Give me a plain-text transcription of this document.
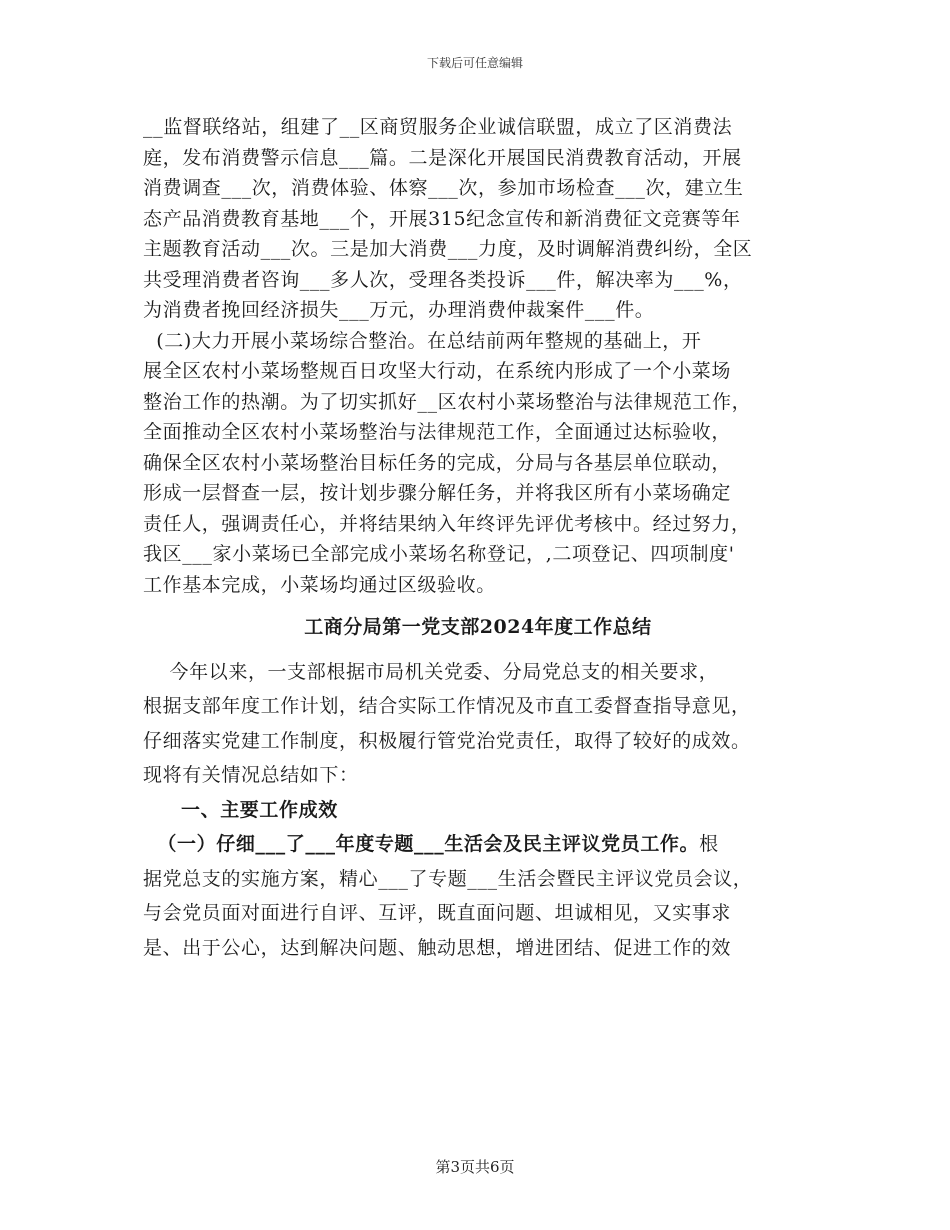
下载后可任意编辑
__监督联络站，组建了__区商贸服务企业诚信联盟，成立了区消费法
庭，发布消费警示信息___篇。二是深化开展国民消费教育活动，开展
消费调查___次，消费体验、体察___次，参加市场检查___次，建立生
态产品消费教育基地___个，开展315纪念宣传和新消费征文竞赛等年
主题教育活动___次。三是加大消费___力度，及时调解消费纠纷，全区
共受理消费者咨询___多人次，受理各类投诉___件，解决率为___%，
为消费者挽回经济损失___万元，办理消费仲裁案件___件。
(二)大力开展小菜场综合整治。在总结前两年整规的基础上，开
展全区农村小菜场整规百日攻坚大行动，在系统内形成了一个小菜场
整治工作的热潮。为了切实抓好__区农村小菜场整治与法律规范工作，
全面推动全区农村小菜场整治与法律规范工作，全面通过达标验收，
确保全区农村小菜场整治目标任务的完成，分局与各基层单位联动，
形成一层督查一层，按计划步骤分解任务，并将我区所有小菜场确定
责任人，强调责任心，并将结果纳入年终评先评优考核中。经过努力，
我区___家小菜场已全部完成小菜场名称登记，,二项登记、四项制度'
工作基本完成，小菜场均通过区级验收。
工商分局第一党支部2024年度工作总结
今年以来，一支部根据市局机关党委、分局党总支的相关要求，
根据支部年度工作计划，结合实际工作情况及市直工委督查指导意见，
仔细落实党建工作制度，积极履行管党治党责任，取得了较好的成效。
现将有关情况总结如下：
一、主要工作成效
（一）仔细___了___年度专题___生活会及民主评议党员工作。根
据党总支的实施方案，精心___了专题___生活会暨民主评议党员会议，
与会党员面对面进行自评、互评，既直面问题、坦诚相见，又实事求
是、出于公心，达到解决问题、触动思想，增进团结、促进工作的效
第3页共6页
